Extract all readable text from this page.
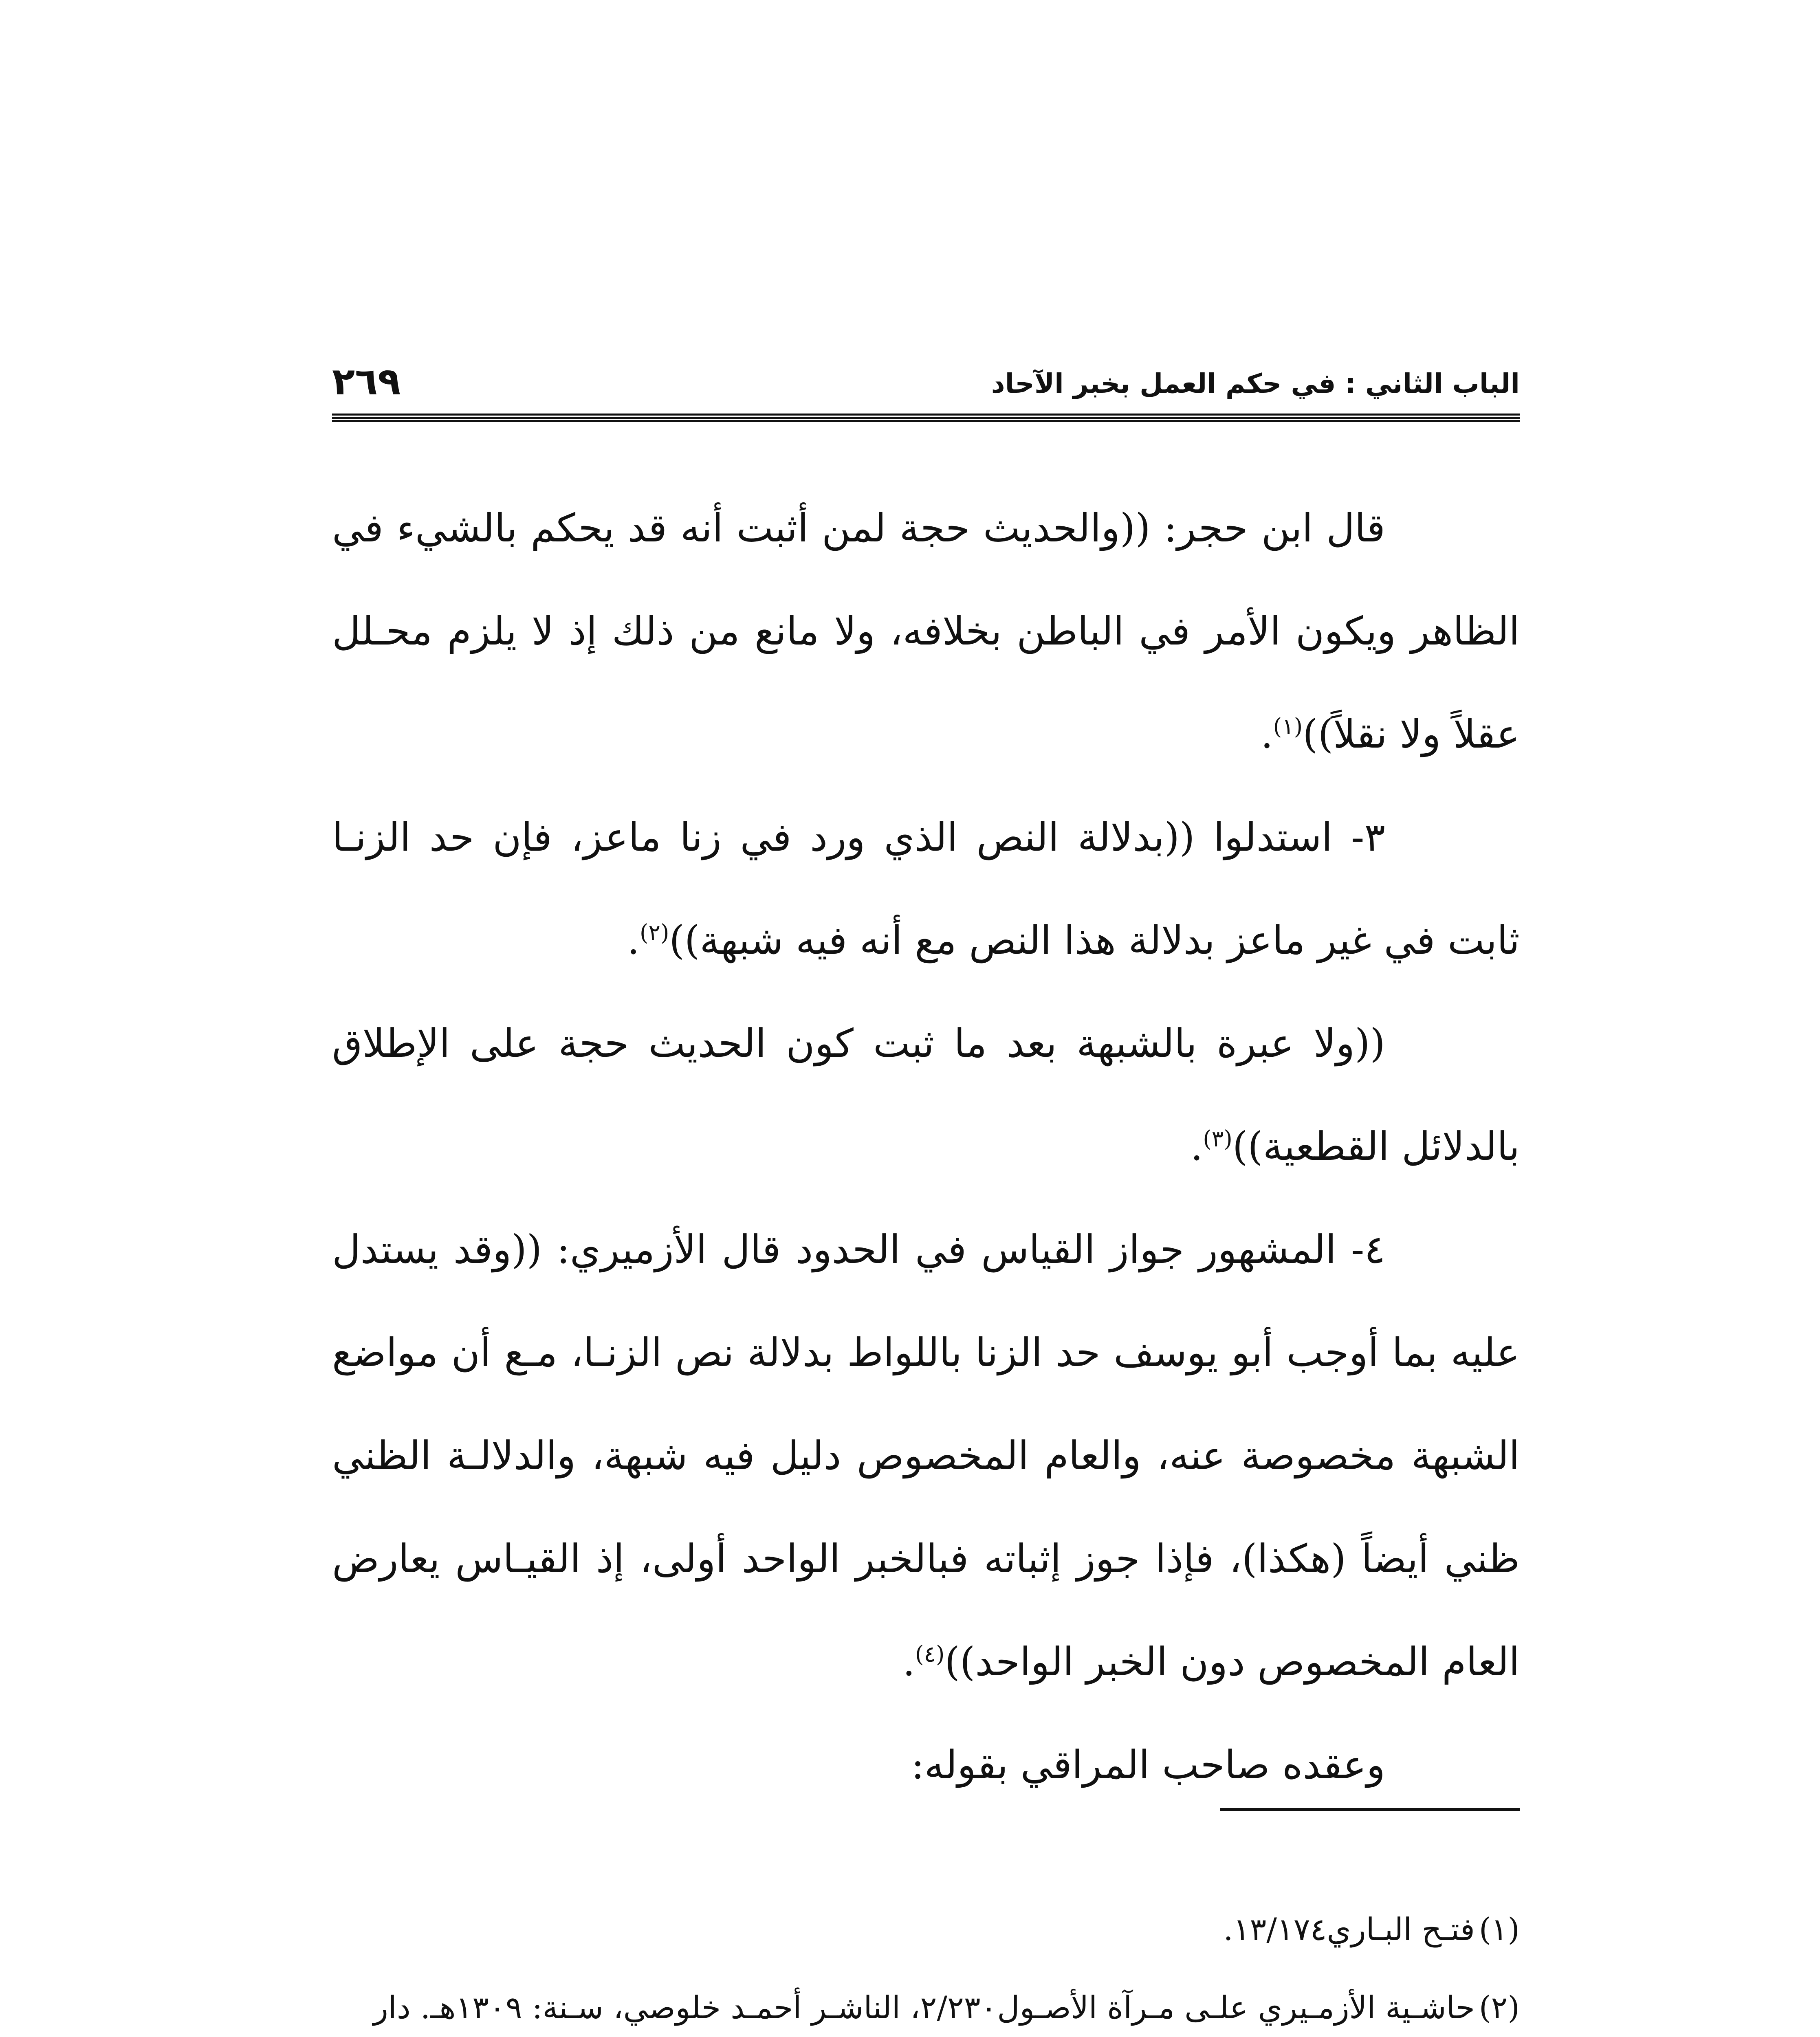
الباب الثاني : في حكم العمل بخبر الآحاد
٢٦٩

قال ابن حجر: ((والحديث حجة لمن أثبت أنه قد يحكم بالشيء في الظاهر ويكون الأمر في الباطن بخلافه، ولا مانع من ذلك إذ لا يلزم محـلل عقلاً ولا نقلاً))$^{(١)}$.

٣- استدلوا ((بدلالة النص الذي ورد في زنا ماعز، فإن حد الزنـا ثابت في غير ماعز بدلالة هذا النص مع أنه فيه شبهة))$^{(٢)}$.

((ولا عبرة بالشبهة بعد ما ثبت كون الحديث حجة على الإطلاق بالدلائل القطعية))$^{(٣)}$.

٤- المشهور جواز القياس في الحدود قال الأزميري: ((وقد يستدل عليه بما أوجب أبو يوسف حد الزنا باللواط بدلالة نص الزنـا، مـع أن مواضع الشبهة مخصوصة عنه، والعام المخصوص دليل فيه شبهة، والدلالـة الظني ظني أيضاً (هكذا)، فإذا جوز إثباته فبالخبر الواحد أولى، إذ القيـاس يعارض العام المخصوص دون الخبر الواحد))$^{(٤)}$.

وعقده صاحب المراقي بقوله:

(١)
فتـح البـاري١٣/١٧٤.
(٢)
حاشـية الأزمـيري علـى مـرآة الأصـول٢/٢٣٠، الناشـر أحمـد خلوصي، سـنة: ١٣٠٩هـ. دار
